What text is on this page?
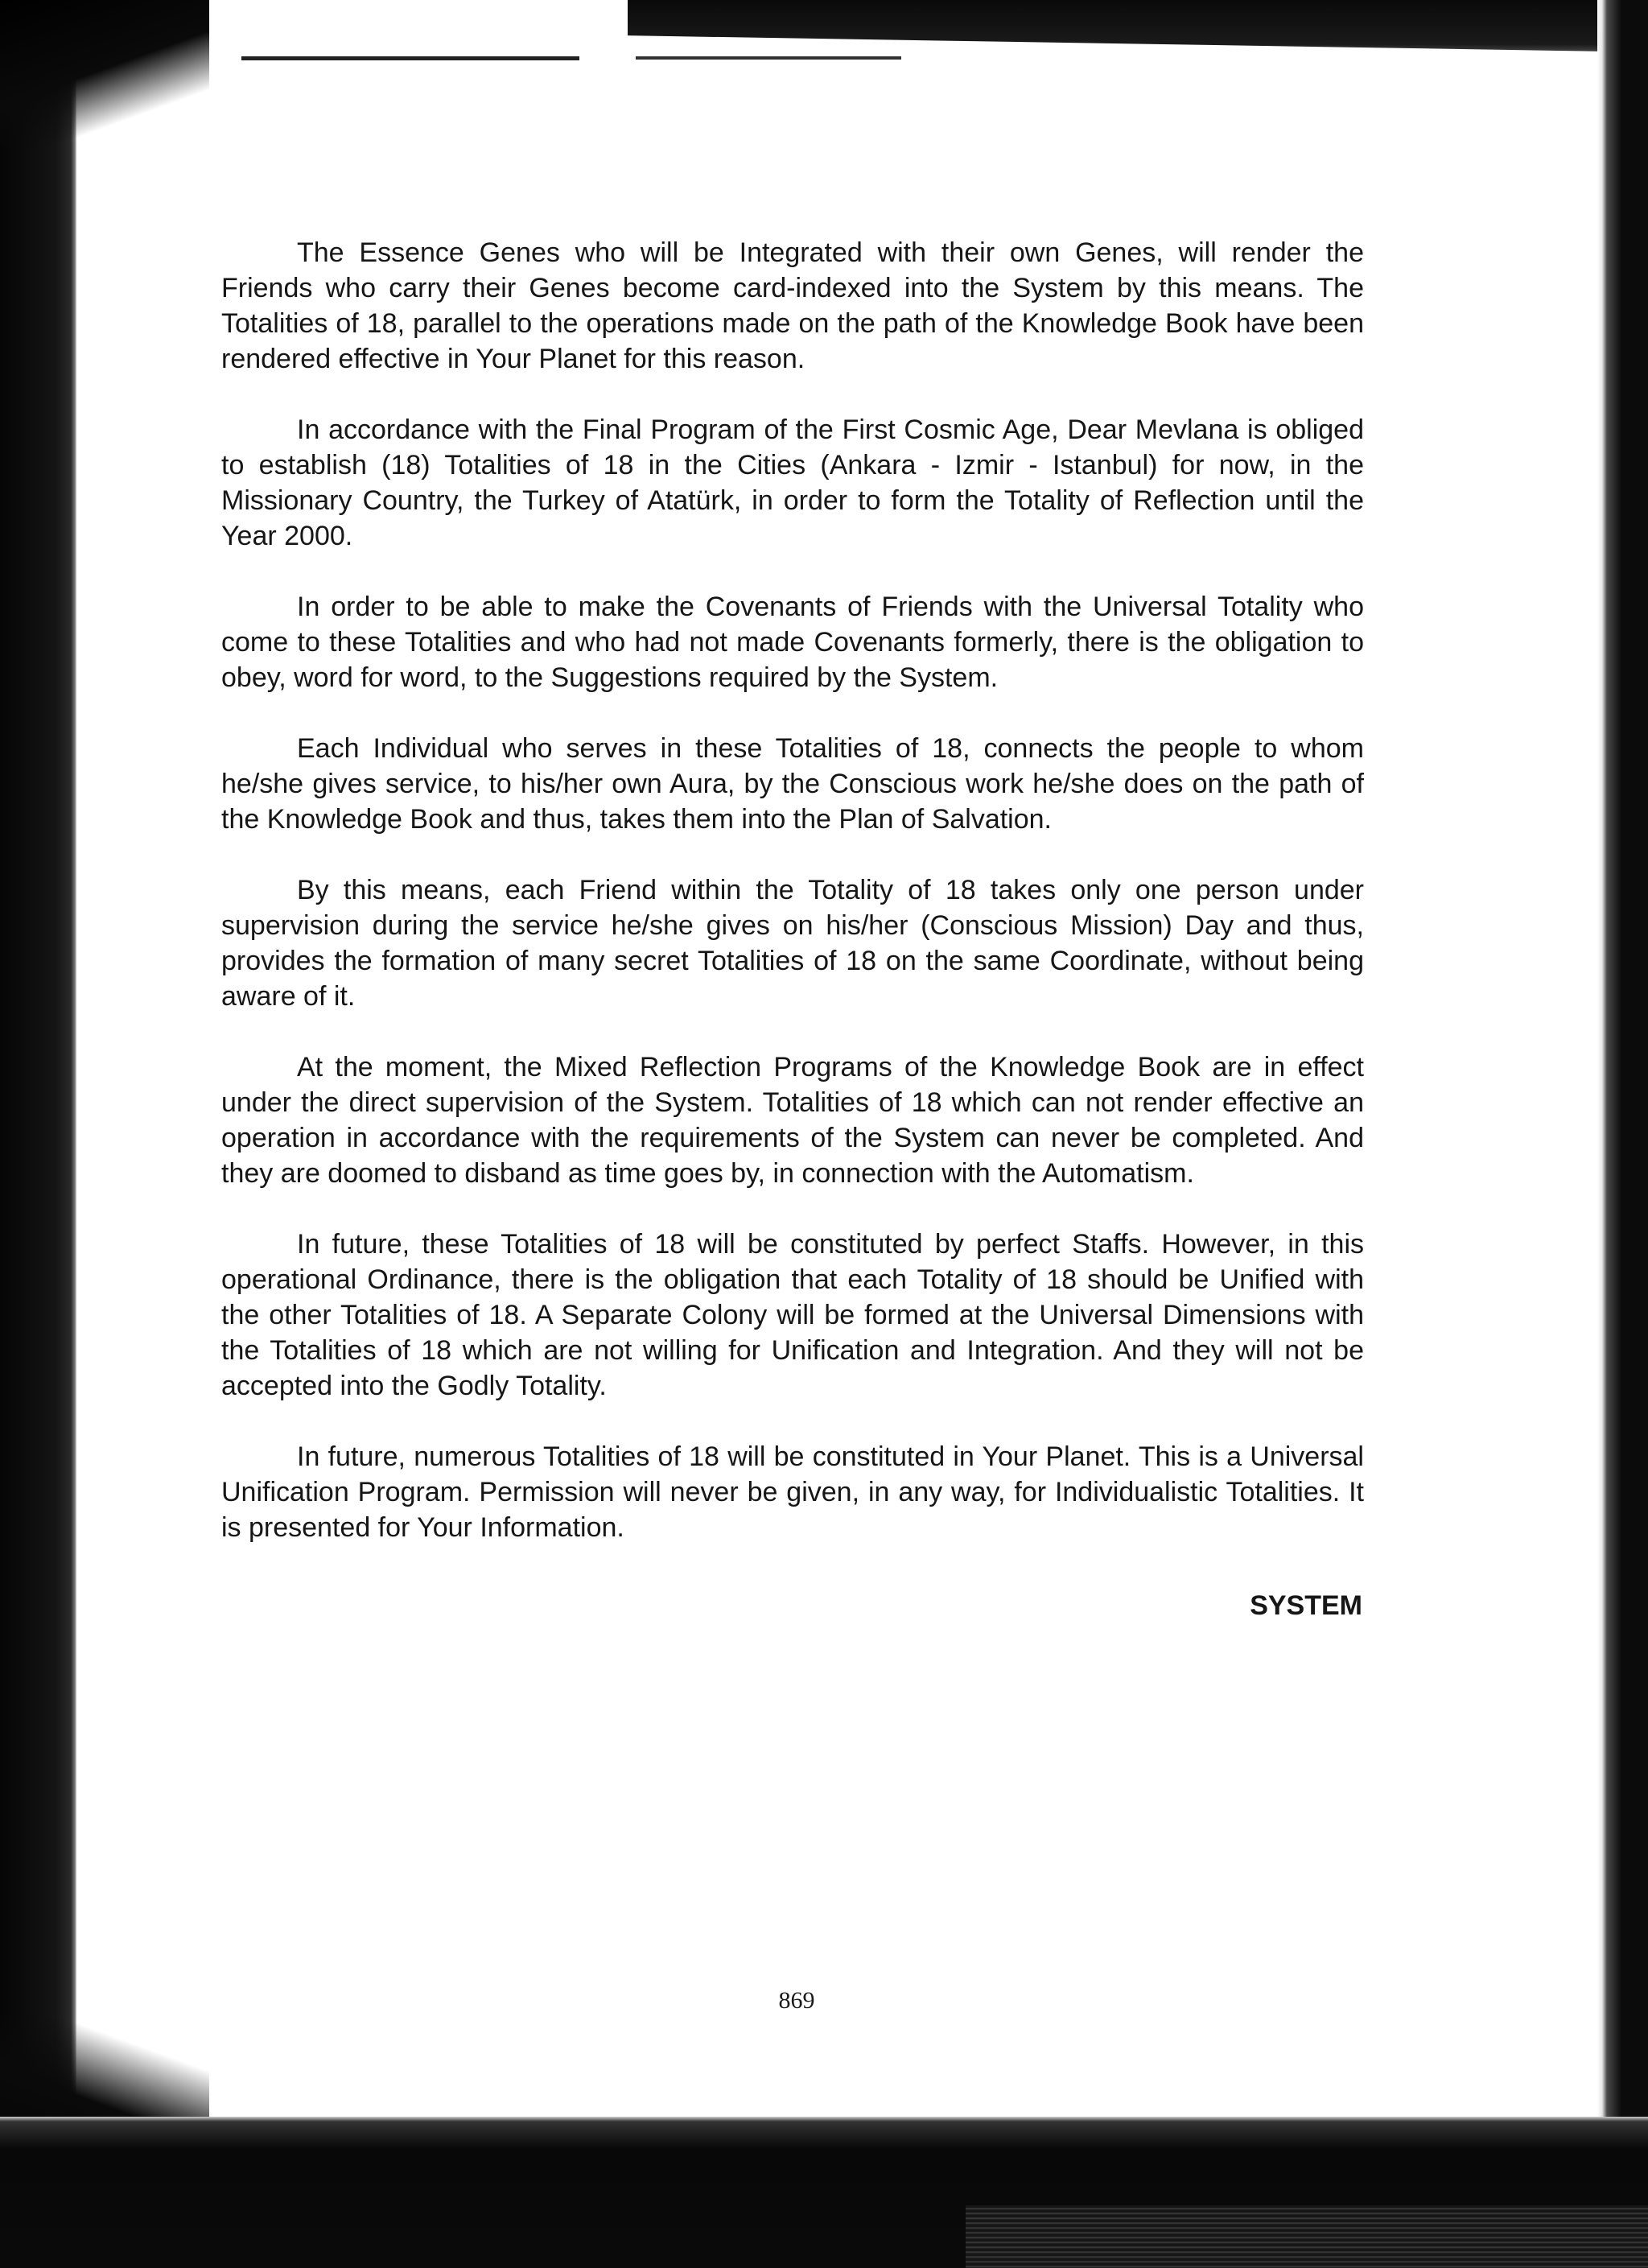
The Essence Genes who will be Integrated with their own Genes, will render the Friends who carry their Genes become card-indexed into the System by this means. The Totalities of 18, parallel to the operations made on the path of the Knowledge Book have been rendered effective in Your Planet for this reason.

In accordance with the Final Program of the First Cosmic Age, Dear Mevlana is obliged to establish (18) Totalities of 18 in the Cities (Ankara - Izmir - Istanbul) for now, in the Missionary Country, the Turkey of Atatürk, in order to form the Totality of Reflection until the Year 2000.

In order to be able to make the Covenants of Friends with the Universal Totality who come to these Totalities and who had not made Covenants formerly, there is the obligation to obey, word for word, to the Suggestions required by the System.

Each Individual who serves in these Totalities of 18, connects the people to whom he/she gives service, to his/her own Aura, by the Conscious work he/she does on the path of the Knowledge Book and thus, takes them into the Plan of Salvation.

By this means, each Friend within the Totality of 18 takes only one person under supervision during the service he/she gives on his/her (Conscious Mission) Day and thus, provides the formation of many secret Totalities of 18 on the same Coordinate, without being aware of it.

At the moment, the Mixed Reflection Programs of the Knowledge Book are in effect under the direct supervision of the System. Totalities of 18 which can not render effective an operation in accordance with the requirements of the System can never be completed. And they are doomed to disband as time goes by, in connection with the Automatism.

In future, these Totalities of 18 will be constituted by perfect Staffs. However, in this operational Ordinance, there is the obligation that each Totality of 18 should be Unified with the other Totalities of 18. A Separate Colony will be formed at the Universal Dimensions with the Totalities of 18 which are not willing for Unification and Integration. And they will not be accepted into the Godly Totality.

In future, numerous Totalities of 18 will be constituted in Your Planet. This is a Universal Unification Program. Permission will never be given, in any way, for Individualistic Totalities. It is presented for Your Information.

SYSTEM
869
